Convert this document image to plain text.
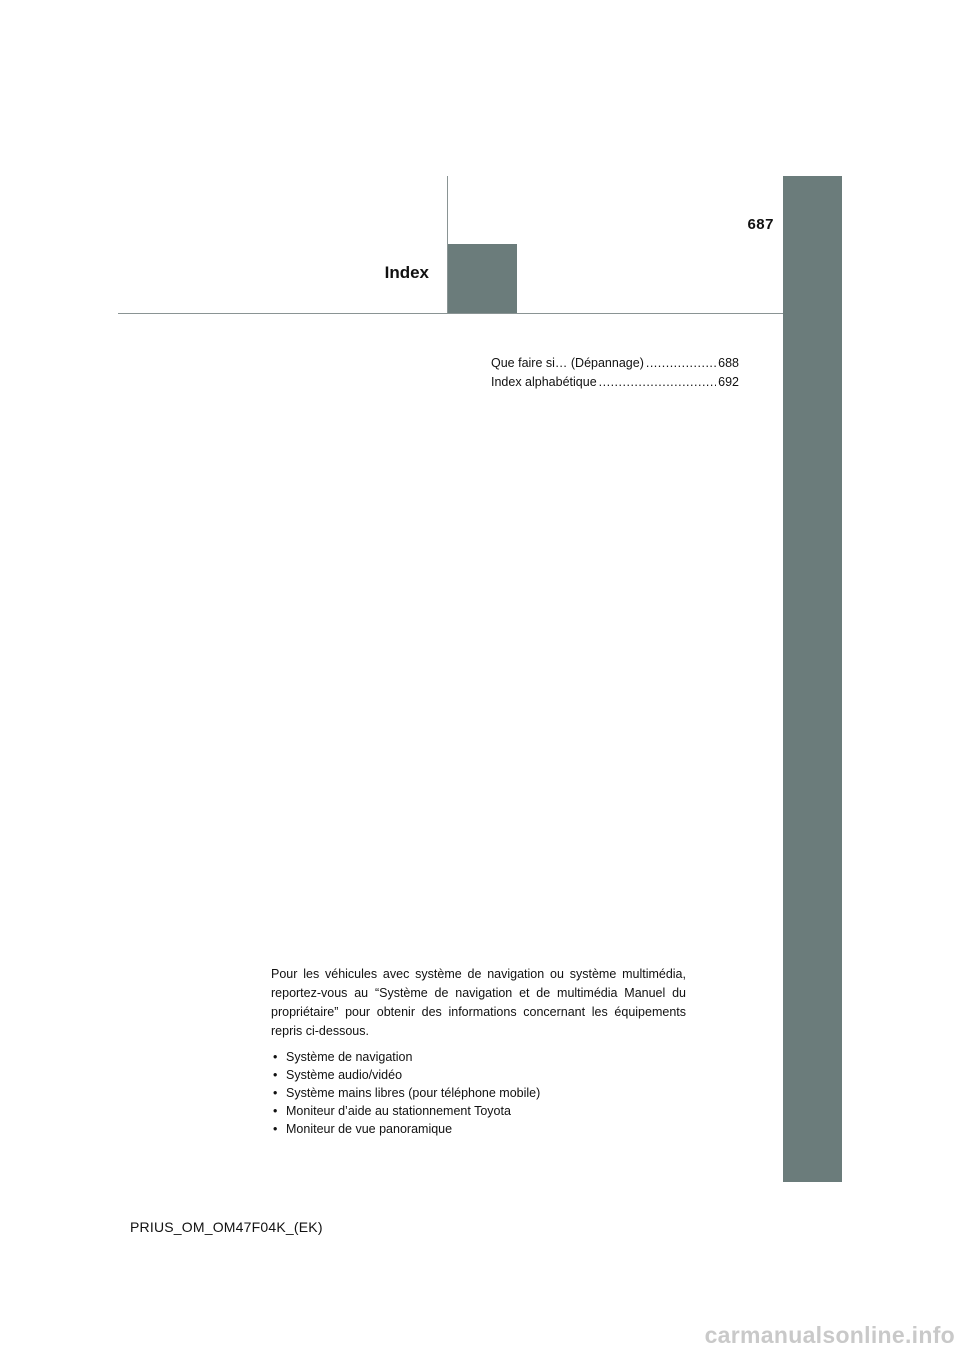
687
Index
Que faire si… (Dépannage) .....	688
Index alphabétique .....	692

Pour les véhicules avec système de navigation ou système multimédia, reportez-vous au “Système de navigation et de multimédia Manuel du propriétaire” pour obtenir des informations concernant les équipements repris ci-dessous.

• Système de navigation
• Système audio/vidéo
• Système mains libres (pour téléphone mobile)
• Moniteur d’aide au stationnement Toyota
• Moniteur de vue panoramique
PRIUS_OM_OM47F04K_(EK)
carmanualsonline.info
